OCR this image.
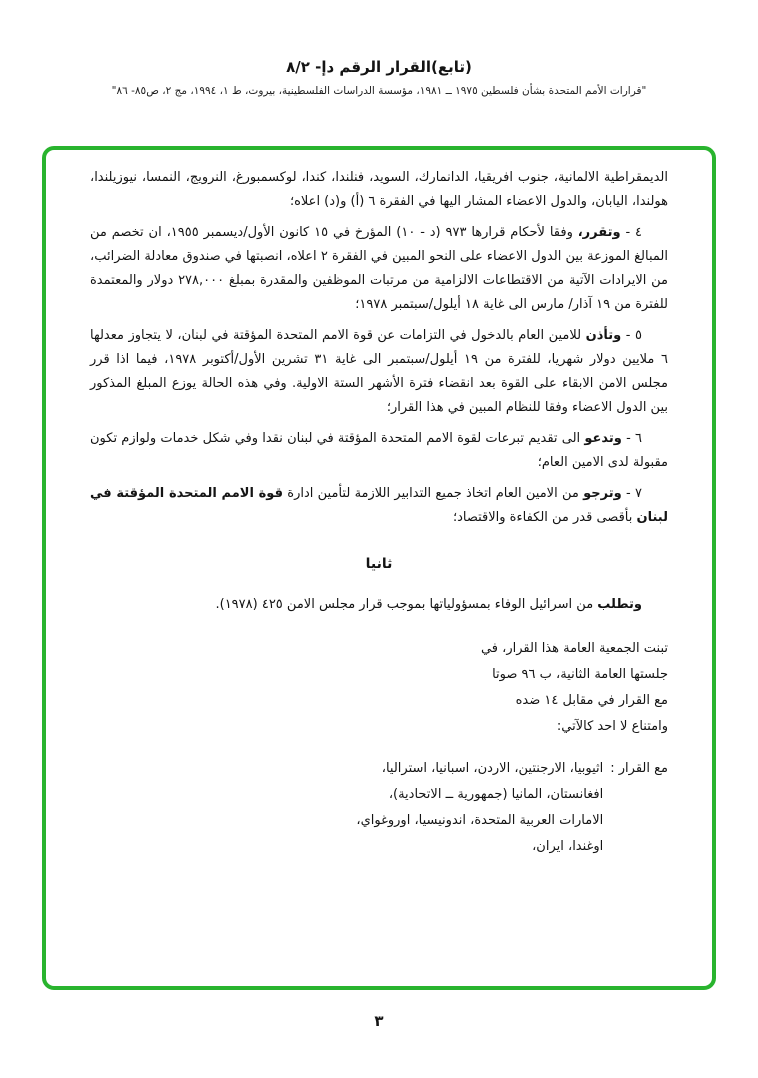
(تابع)القرار الرقم دإ- ٨/٢
"قرارات الأمم المتحدة بشأن فلسطين ١٩٧٥ ــ ١٩٨١، مؤسسة الدراسات الفلسطينية، بيروت، ط ١، ١٩٩٤، مج ٢، ص٨٥- ٨٦"

الديمقراطية الالمانية، جنوب افريقيا، الدانمارك، السويد، فنلندا، كندا، لوكسمبورغ، النرويج، النمسا، نيوزيلندا، هولندا، اليابان، والدول الاعضاء المشار اليها في الفقرة ٦ (أ) و(د) اعلاه؛

٤ - وتقرر، وفقا لأحكام قرارها ٩٧٣ (د - ١٠) المؤرخ في ١٥ كانون الأول/ديسمبر ١٩٥٥، ان تخصم من المبالغ الموزعة بين الدول الاعضاء على النحو المبين في الفقرة ٢ اعلاه، انصبتها في صندوق معادلة الضرائب، من الايرادات الآتية من الاقتطاعات الالزامية من مرتبات الموظفين والمقدرة بمبلغ ٢٧٨,٠٠٠ دولار والمعتمدة للفترة من ١٩ آذار/ مارس الى غاية ١٨ أيلول/سبتمبر ١٩٧٨؛

٥ - وتأذن للامين العام بالدخول في التزامات عن قوة الامم المتحدة المؤقتة في لبنان، لا يتجاوز معدلها ٦ ملايين دولار شهريا، للفترة من ١٩ أيلول/سبتمبر الى غاية ٣١ تشرين الأول/أكتوبر ١٩٧٨، فيما اذا قرر مجلس الامن الابقاء على القوة بعد انقضاء فترة الأشهر الستة الاولية. وفي هذه الحالة يوزع المبلغ المذكور بين الدول الاعضاء وفقا للنظام المبين في هذا القرار؛

٦ - وتدعو الى تقديم تبرعات لقوة الامم المتحدة المؤقتة في لبنان نقدا وفي شكل خدمات ولوازم تكون مقبولة لدى الامين العام؛

٧ - وترجو من الامين العام اتخاذ جميع التدابير اللازمة لتأمين ادارة قوة الامم المتحدة المؤقتة في لبنان بأقصى قدر من الكفاءة والاقتصاد؛

ثانيا

وتطلب من اسرائيل الوفاء بمسؤولياتها بموجب قرار مجلس الامن ٤٢٥ (١٩٧٨).

تبنت الجمعية العامة هذا القرار، في
جلستها العامة الثانية، ب ٩٦ صوتا
مع القرار في مقابل ١٤ ضده
وامتناع لا احد كالآتي:
مع القرار :
اثيوبيا، الارجنتين، الاردن، اسبانيا، استراليا، افغانستان، المانيا (جمهورية ــ الاتحادية)، الامارات العربية المتحدة، اندونيسيا، اوروغواي، اوغندا، ايران،
٣
